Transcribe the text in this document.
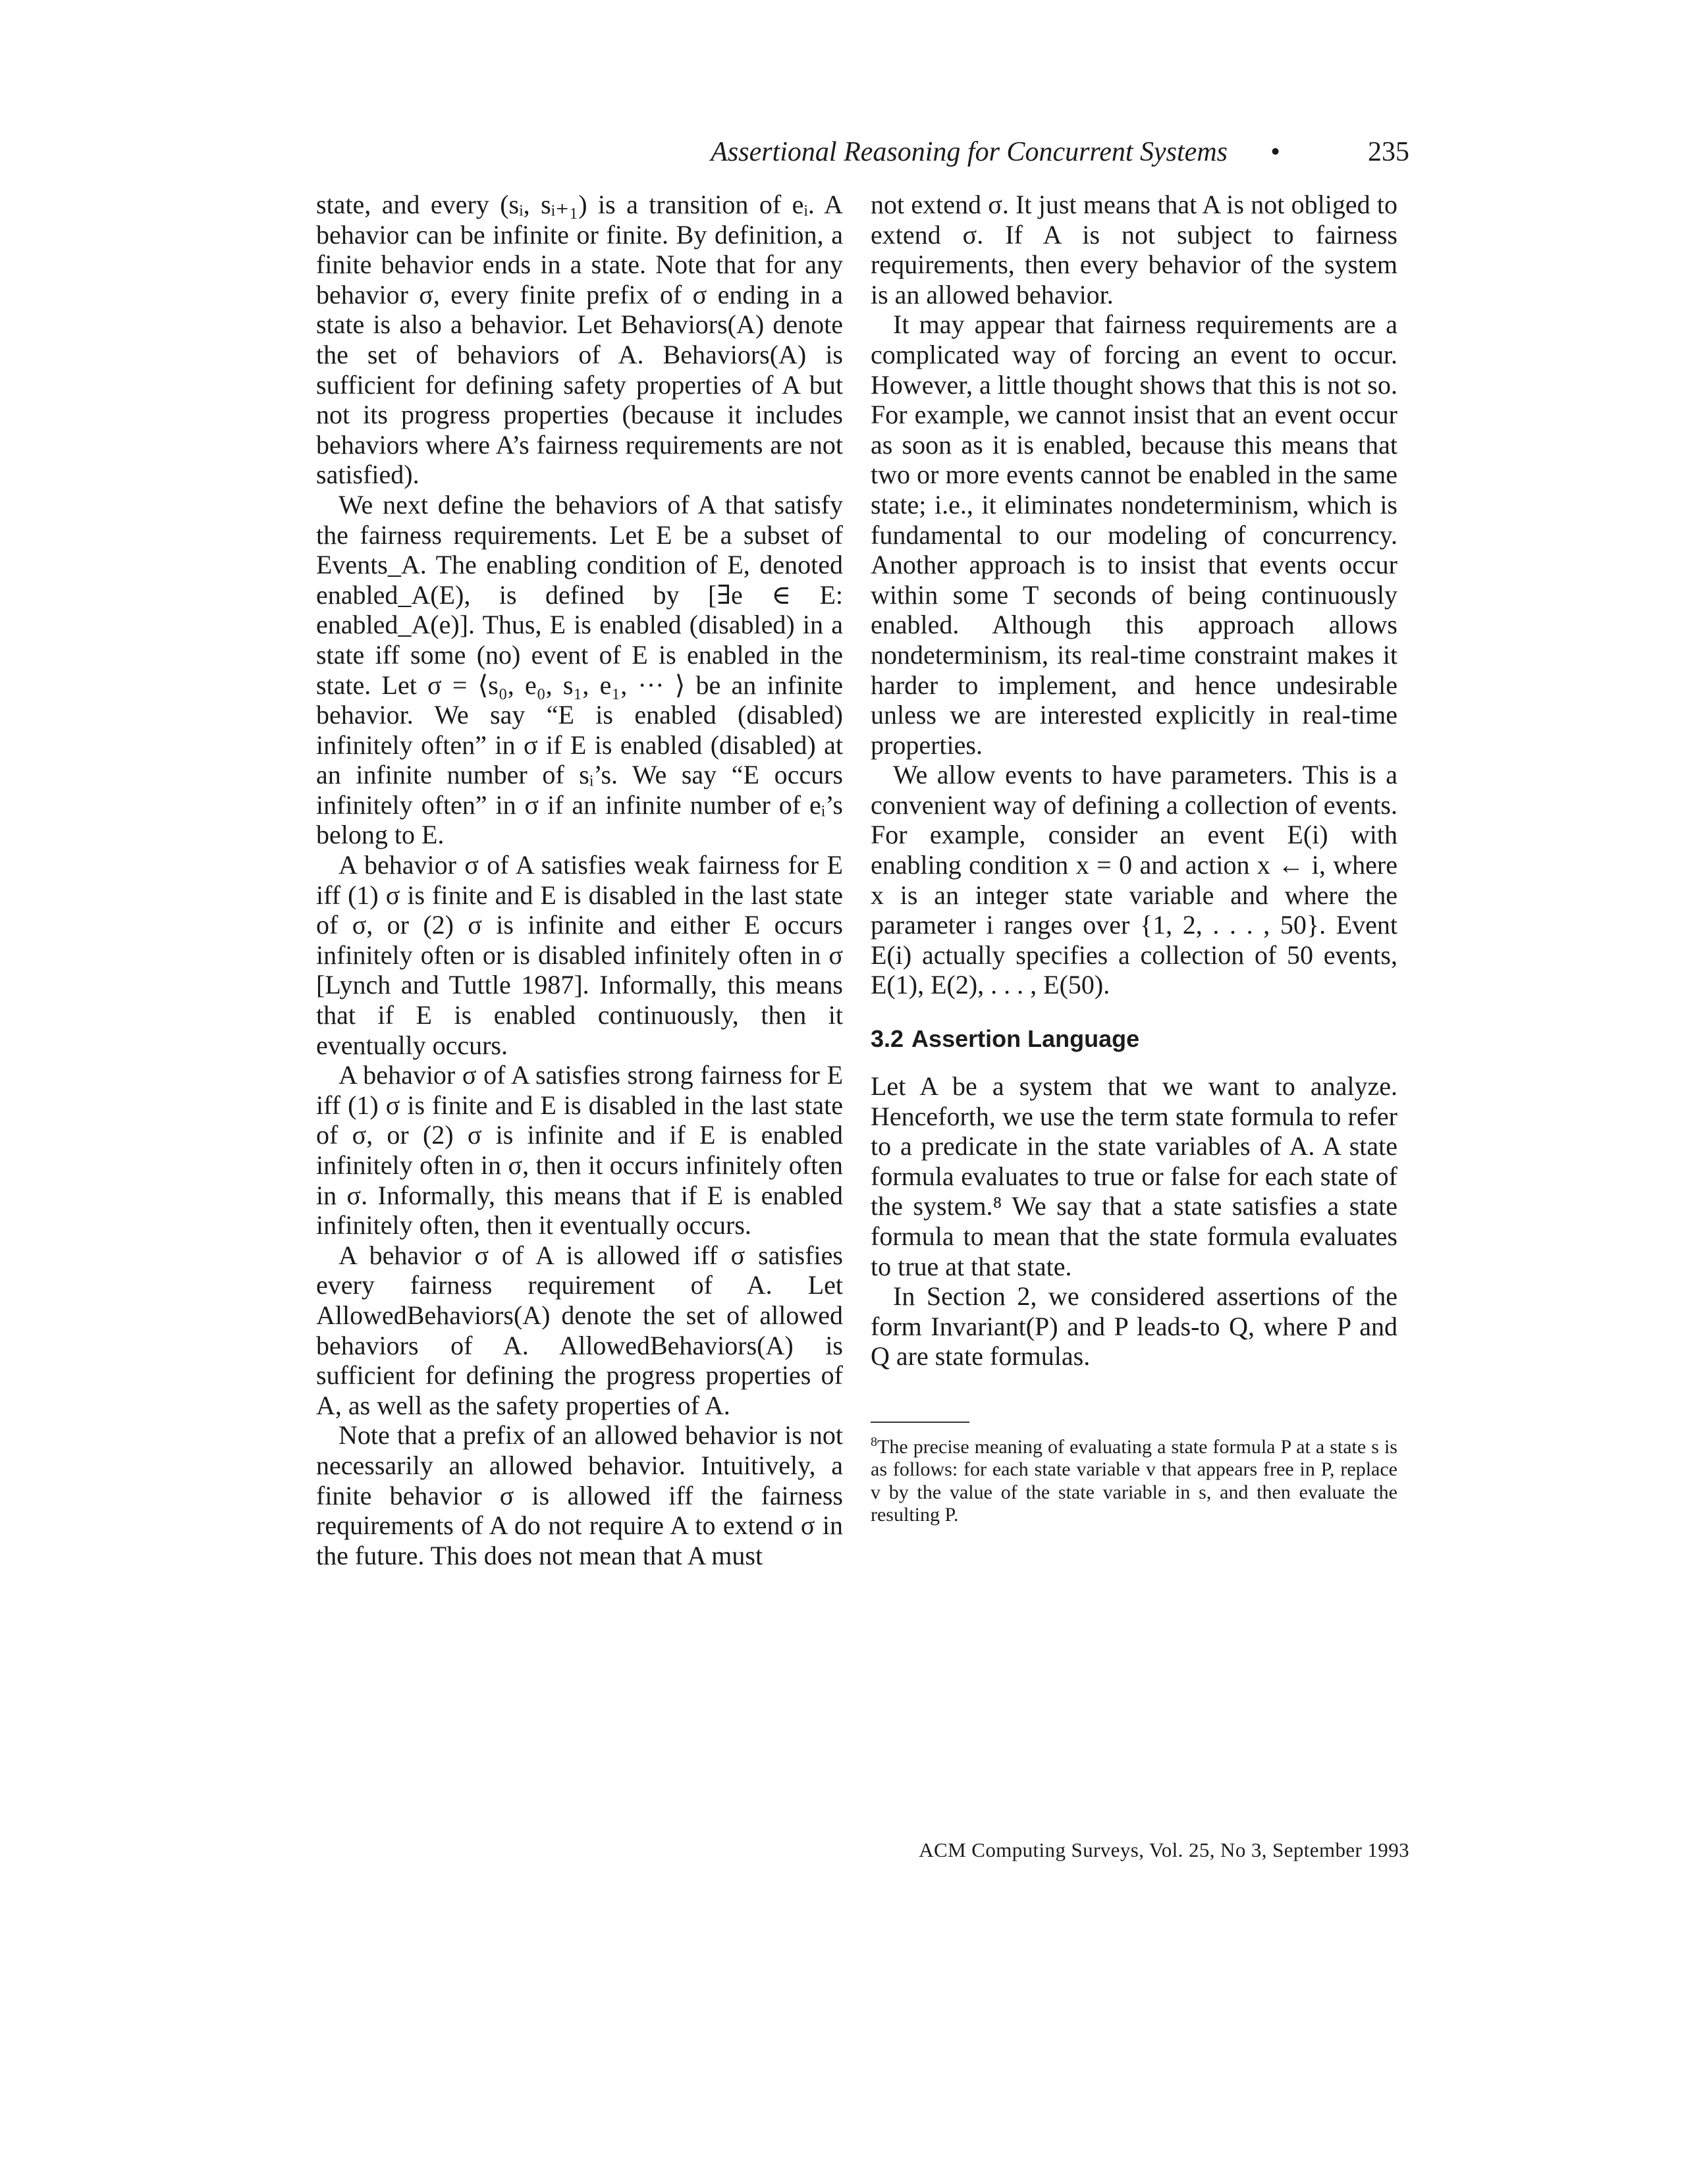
Assertional Reasoning for Concurrent Systems •	235

state, and every (sᵢ, sᵢ₊₁) is a transition of eᵢ. A behavior can be infinite or finite. By definition, a finite behavior ends in a state. Note that for any behavior σ, every finite prefix of σ ending in a state is also a behavior. Let Behaviors(A) denote the set of behaviors of A. Behaviors(A) is sufficient for defining safety properties of A but not its progress properties (because it includes behaviors where A’s fairness requirements are not satisfied).

We next define the behaviors of A that satisfy the fairness requirements. Let E be a subset of Events_A. The enabling condition of E, denoted enabled_A(E), is defined by [∃e ∈ E: enabled_A(e)]. Thus, E is enabled (disabled) in a state iff some (no) event of E is enabled in the state. Let σ = ⟨s₀, e₀, s₁, e₁, ··· ⟩ be an infinite behavior. We say “E is enabled (disabled) infinitely often” in σ if E is enabled (disabled) at an infinite number of sᵢ’s. We say “E occurs infinitely often” in σ if an infinite number of eᵢ’s belong to E.

A behavior σ of A satisfies weak fairness for E iff (1) σ is finite and E is disabled in the last state of σ, or (2) σ is infinite and either E occurs infinitely often or is disabled infinitely often in σ [Lynch and Tuttle 1987]. Informally, this means that if E is enabled continuously, then it eventually occurs.

A behavior σ of A satisfies strong fairness for E iff (1) σ is finite and E is disabled in the last state of σ, or (2) σ is infinite and if E is enabled infinitely often in σ, then it occurs infinitely often in σ. Informally, this means that if E is enabled infinitely often, then it eventually occurs.

A behavior σ of A is allowed iff σ satisfies every fairness requirement of A. Let AllowedBehaviors(A) denote the set of allowed behaviors of A. AllowedBehaviors(A) is sufficient for defining the progress properties of A, as well as the safety properties of A.

Note that a prefix of an allowed behavior is not necessarily an allowed behavior. Intuitively, a finite behavior σ is allowed iff the fairness requirements of A do not require A to extend σ in the future. This does not mean that A must

not extend σ. It just means that A is not obliged to extend σ. If A is not subject to fairness requirements, then every behavior of the system is an allowed behavior.

It may appear that fairness requirements are a complicated way of forcing an event to occur. However, a little thought shows that this is not so. For example, we cannot insist that an event occur as soon as it is enabled, because this means that two or more events cannot be enabled in the same state; i.e., it eliminates nondeterminism, which is fundamental to our modeling of concurrency. Another approach is to insist that events occur within some T seconds of being continuously enabled. Although this approach allows nondeterminism, its real-time constraint makes it harder to implement, and hence undesirable unless we are interested explicitly in real-time properties.

We allow events to have parameters. This is a convenient way of defining a collection of events. For example, consider an event E(i) with enabling condition x = 0 and action x ← i, where x is an integer state variable and where the parameter i ranges over {1, 2, . . . , 50}. Event E(i) actually specifies a collection of 50 events, E(1), E(2), . . . , E(50).

3.2 Assertion Language

Let A be a system that we want to analyze. Henceforth, we use the term state formula to refer to a predicate in the state variables of A. A state formula evaluates to true or false for each state of the system.⁸ We say that a state satisfies a state formula to mean that the state formula evaluates to true at that state.

In Section 2, we considered assertions of the form Invariant(P) and P leads-to Q, where P and Q are state formulas.

$^8$The precise meaning of evaluating a state formula P at a state s is as follows: for each state variable v that appears free in P, replace v by the value of the state variable in s, and then evaluate the resulting P.

ACM Computing Surveys, Vol. 25, No 3, September 1993
